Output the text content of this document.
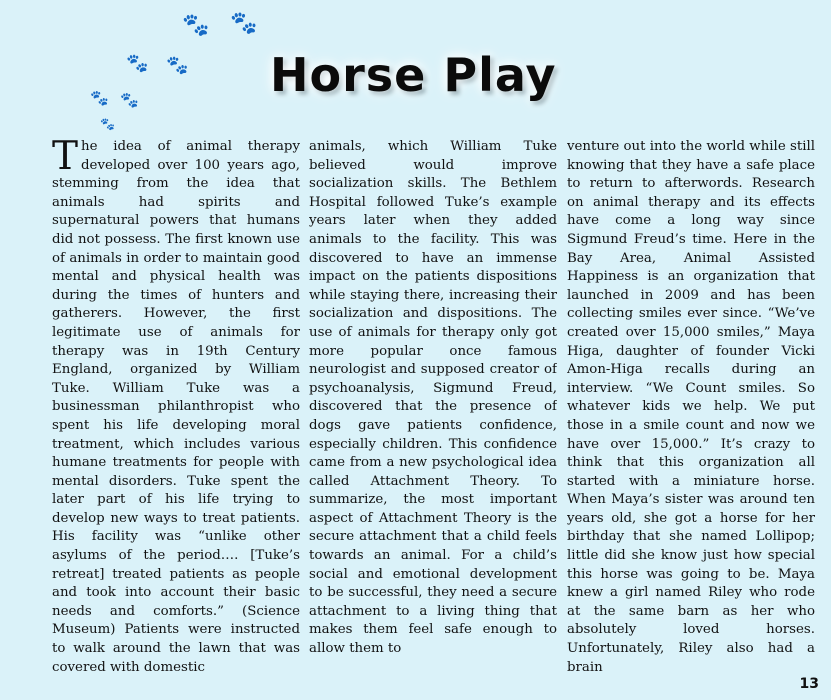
🐾 🐾
🐾 🐾
🐾 🐾
🐾
Horse Play

The idea of animal therapy developed over 100 years ago, stemming from the idea that animals had spirits and supernatural powers that humans did not possess. The first known use of animals in order to maintain good mental and physical health was during the times of hunters and gatherers. However, the first legitimate use of animals for therapy was in 19th Century England, organized by William Tuke. William Tuke was a businessman philanthropist who spent his life developing moral treatment, which includes various humane treatments for people with mental disorders. Tuke spent the later part of his life trying to develop new ways to treat patients. His facility was “unlike other asylums of the period…. [Tuke’s retreat] treated patients as people and took into account their basic needs and comforts.” (Science Museum) Patients were instructed to walk around the lawn that was covered with domestic

animals, which William Tuke believed would improve socialization skills. The Bethlem Hospital followed Tuke’s example years later when they added animals to the facility. This was discovered to have an immense impact on the patients dispositions while staying there, increasing their socialization and dispositions. The use of animals for therapy only got more popular once famous neurologist and supposed creator of psychoanalysis, Sigmund Freud, discovered that the presence of dogs gave patients confidence, especially children. This confidence came from a new psychological idea called Attachment Theory. To summarize, the most important aspect of Attachment Theory is the secure attachment that a child feels towards an animal. For a child’s social and emotional development to be successful, they need a secure attachment to a living thing that makes them feel safe enough to allow them to

venture out into the world while still knowing that they have a safe place to return to afterwords. Research on animal therapy and its effects have come a long way since Sigmund Freud’s time. Here in the Bay Area, Animal Assisted Happiness is an organization that launched in 2009 and has been collecting smiles ever since. “We’ve created over 15,000 smiles,” Maya Higa, daughter of founder Vicki Amon-Higa recalls during an interview. “We Count smiles. So whatever kids we help. We put those in a smile count and now we have over 15,000.” It’s crazy to think that this organization all started with a miniature horse. When Maya’s sister was around ten years old, she got a horse for her birthday that she named Lollipop; little did she know just how special this horse was going to be. Maya knew a girl named Riley who rode at the same barn as her who absolutely loved horses. Unfortunately, Riley also had a brain

13
